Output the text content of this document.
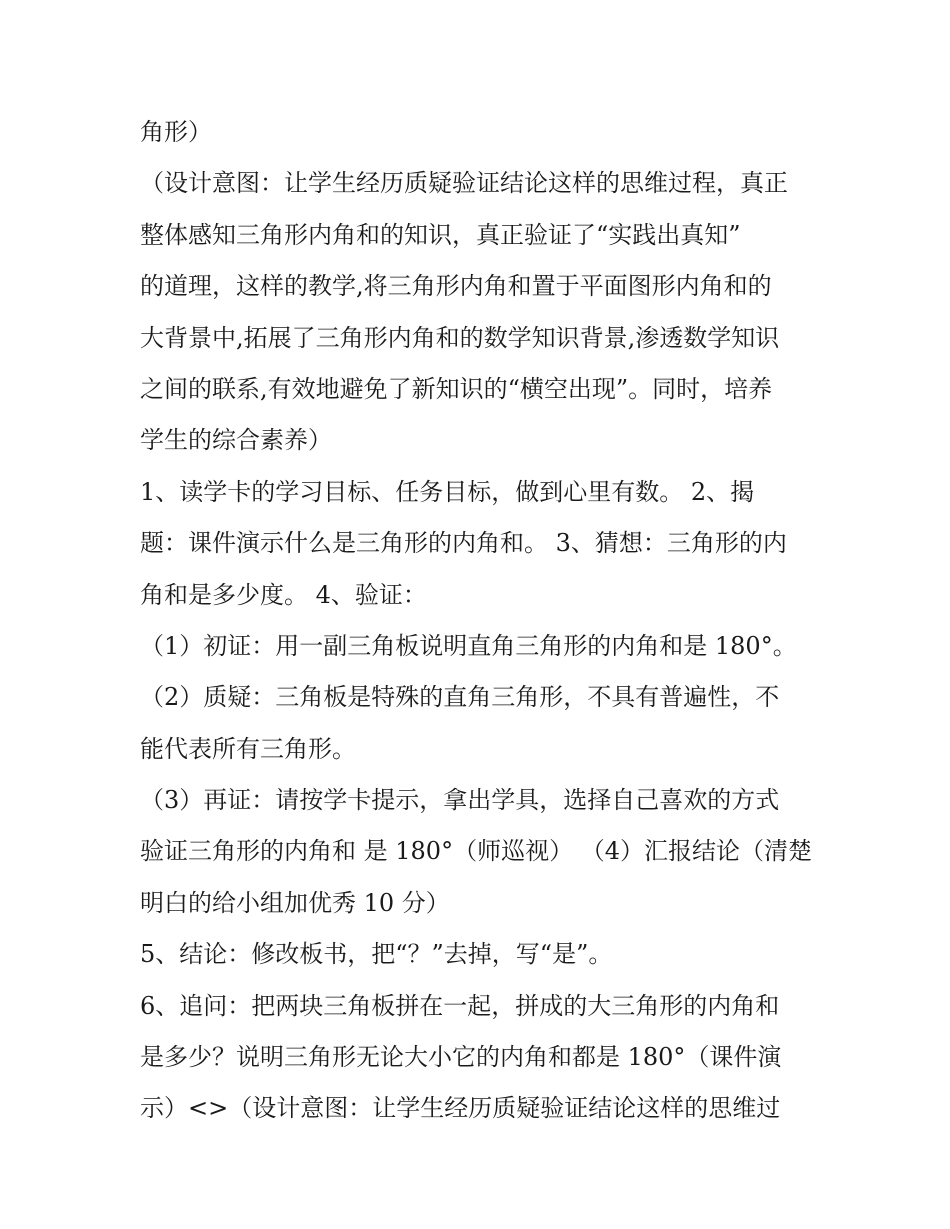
角形）
（设计意图：让学生经历质疑验证结论这样的思维过程，真正
整体感知三角形内角和的知识，真正验证了“实践出真知”
的道理，这样的教学,将三角形内角和置于平面图形内角和的
大背景中,拓展了三角形内角和的数学知识背景,渗透数学知识
之间的联系,有效地避免了新知识的“横空出现”。同时，培养
学生的综合素养）
1、读学卡的学习目标、任务目标，做到心里有数。 2、揭
题：课件演示什么是三角形的内角和。 3、猜想：三角形的内
角和是多少度。 4、验证：
（1）初证：用一副三角板说明直角三角形的内角和是 180°。
（2）质疑：三角板是特殊的直角三角形，不具有普遍性，不
能代表所有三角形。
（3）再证：请按学卡提示，拿出学具，选择自己喜欢的方式
验证三角形的内角和 是 180°（师巡视） （4）汇报结论（清楚
明白的给小组加优秀 10 分）
5、结论：修改板书，把“？”去掉，写“是”。
6、追问：把两块三角板拼在一起，拼成的大三角形的内角和
是多少？说明三角形无论大小它的内角和都是 180°（课件演
示）<>（设计意图：让学生经历质疑验证结论这样的思维过
